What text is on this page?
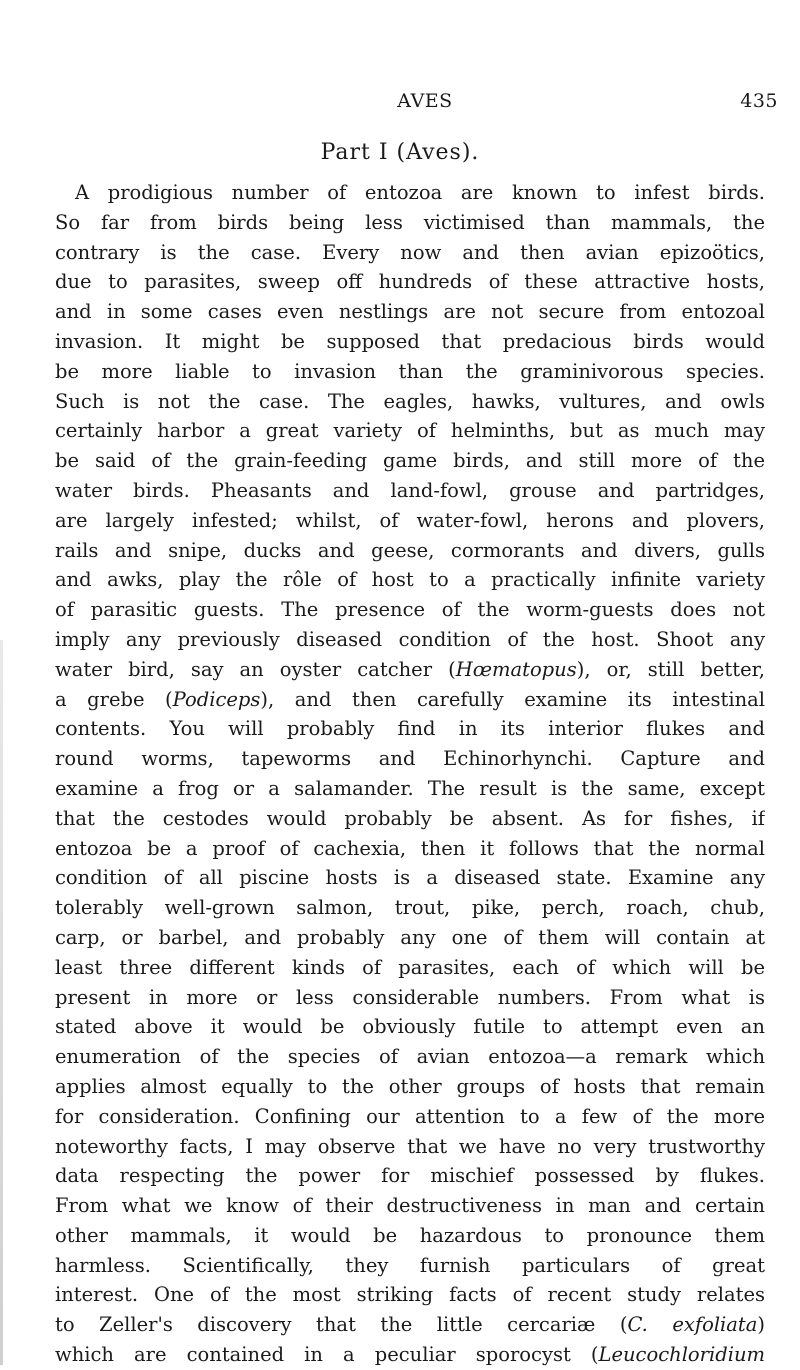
AVES	435
Part I (Aves).
A prodigious number of entozoa are known to infest birds.
So far from birds being less victimised than mammals, the
contrary is the case. Every now and then avian epizoötics,
due to parasites, sweep off hundreds of these attractive hosts,
and in some cases even nestlings are not secure from entozoal
invasion. It might be supposed that predacious birds would
be more liable to invasion than the graminivorous species.
Such is not the case. The eagles, hawks, vultures, and owls
certainly harbor a great variety of helminths, but as much may
be said of the grain-feeding game birds, and still more of the
water birds. Pheasants and land-fowl, grouse and partridges,
are largely infested; whilst, of water-fowl, herons and plovers,
rails and snipe, ducks and geese, cormorants and divers, gulls
and awks, play the rôle of host to a practically infinite variety
of parasitic guests. The presence of the worm-guests does not
imply any previously diseased condition of the host. Shoot any
water bird, say an oyster catcher (Hœmatopus), or, still better,
a grebe (Podiceps), and then carefully examine its intestinal
contents. You will probably find in its interior flukes and
round worms, tapeworms and Echinorhynchi. Capture and
examine a frog or a salamander. The result is the same, except
that the cestodes would probably be absent. As for fishes, if
entozoa be a proof of cachexia, then it follows that the normal
condition of all piscine hosts is a diseased state. Examine any
tolerably well-grown salmon, trout, pike, perch, roach, chub,
carp, or barbel, and probably any one of them will contain at
least three different kinds of parasites, each of which will be
present in more or less considerable numbers. From what is
stated above it would be obviously futile to attempt even an
enumeration of the species of avian entozoa—a remark which
applies almost equally to the other groups of hosts that remain
for consideration. Confining our attention to a few of the more
noteworthy facts, I may observe that we have no very trustworthy
data respecting the power for mischief possessed by flukes.
From what we know of their destructiveness in man and certain
other mammals, it would be hazardous to pronounce them
harmless. Scientifically, they furnish particulars of great
interest. One of the most striking facts of recent study relates
to Zeller's discovery that the little cercariæ (C. exfoliata)
which are contained in a peculiar sporocyst (Leucochloridium
